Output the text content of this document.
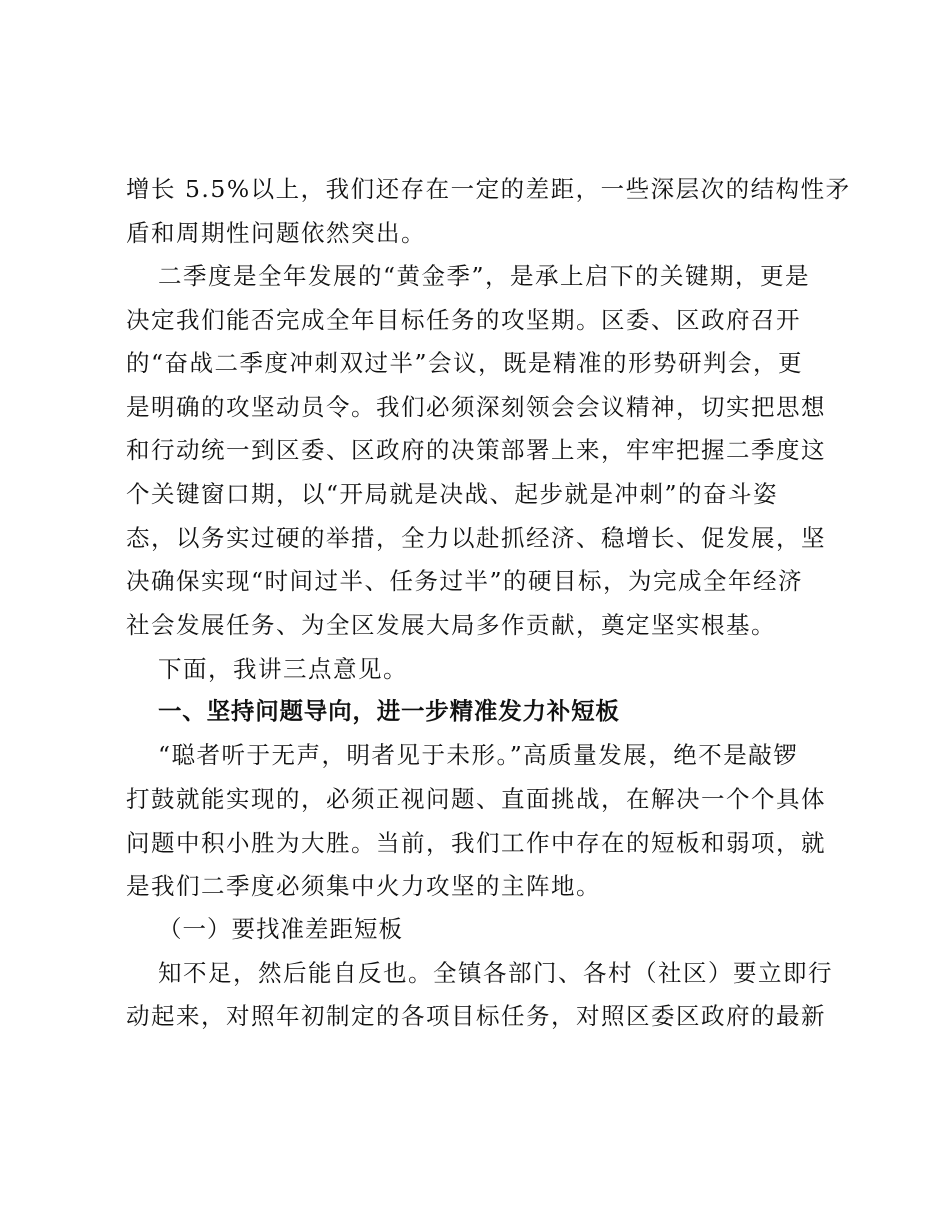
增长 5.5%以上，我们还存在一定的差距，一些深层次的结构性矛
盾和周期性问题依然突出。
二季度是全年发展的“黄金季”，是承上启下的关键期，更是
决定我们能否完成全年目标任务的攻坚期。区委、区政府召开
的“奋战二季度冲刺双过半”会议，既是精准的形势研判会，更
是明确的攻坚动员令。我们必须深刻领会会议精神，切实把思想
和行动统一到区委、区政府的决策部署上来，牢牢把握二季度这
个关键窗口期，以“开局就是决战、起步就是冲刺”的奋斗姿
态，以务实过硬的举措，全力以赴抓经济、稳增长、促发展，坚
决确保实现“时间过半、任务过半”的硬目标，为完成全年经济
社会发展任务、为全区发展大局多作贡献，奠定坚实根基。
下面，我讲三点意见。
一、坚持问题导向，进一步精准发力补短板
“聪者听于无声，明者见于未形。”高质量发展，绝不是敲锣
打鼓就能实现的，必须正视问题、直面挑战，在解决一个个具体
问题中积小胜为大胜。当前，我们工作中存在的短板和弱项，就
是我们二季度必须集中火力攻坚的主阵地。
（一）要找准差距短板
知不足，然后能自反也。全镇各部门、各村（社区）要立即行
动起来，对照年初制定的各项目标任务，对照区委区政府的最新
